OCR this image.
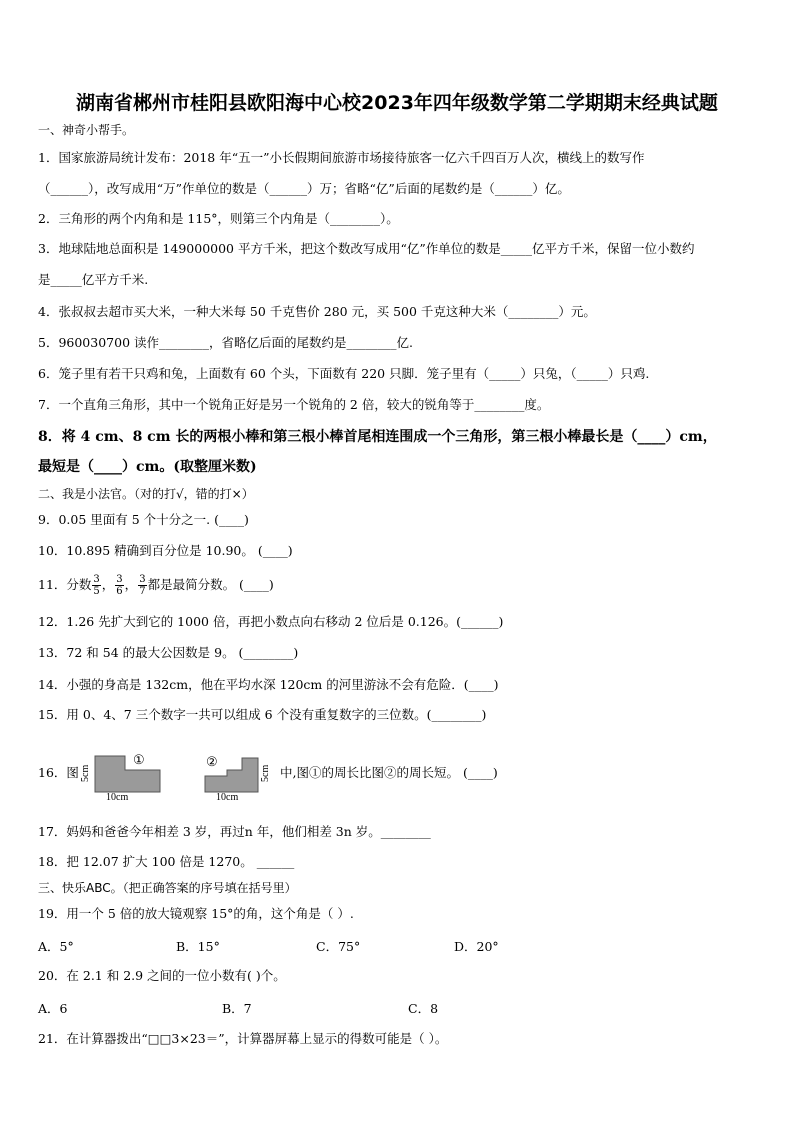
湖南省郴州市桂阳县欧阳海中心校2023年四年级数学第二学期期末经典试题
一、神奇小帮手。
1．国家旅游局统计发布：2018 年“五一”小长假期间旅游市场接待旅客一亿六千四百万人次，横线上的数写作
（______），改写成用“万”作单位的数是（______）万；省略“亿”后面的尾数约是（______）亿。
2．三角形的两个内角和是 115°，则第三个内角是（________）。
3．地球陆地总面积是 149000000 平方千米，把这个数改写成用“亿”作单位的数是_____亿平方千米，保留一位小数约
是_____亿平方千米.
4．张叔叔去超市买大米，一种大米每 50 千克售价 280 元，买 500 千克这种大米（________）元。
5．960030700 读作________，省略亿后面的尾数约是________亿.
6．笼子里有若干只鸡和兔，上面数有 60 个头，下面数有 220 只脚．笼子里有（_____）只兔，（_____）只鸡.
7．一个直角三角形，其中一个锐角正好是另一个锐角的 2 倍，较大的锐角等于________度。
8．将 4 cm、8 cm 长的两根小棒和第三根小棒首尾相连围成一个三角形，第三根小棒最长是（____）cm，
最短是（____）cm。(取整厘米数)
二、我是小法官。（对的打√，错的打×）
9．0.05 里面有 5 个十分之一. (____)
10．10.895 精确到百分位是 10.90。 (____)
11．分数 $\frac{3}{5}$ ， $\frac{3}{6}$ ， $\frac{3}{7}$ 都是最简分数。 (____)
12．1.26 先扩大到它的 1000 倍，再把小数点向右移动 2 位后是 0.126。(______)
13．72 和 54 的最大公因数是 9。 (________)
14．小强的身高是 132cm，他在平均水深 120cm 的河里游泳不会有危险．(____)
15．用 0、4、7 三个数字一共可以组成 6 个没有重复数字的三位数。(________)
16．图 5cm
10cm
①	②
5cm
10cm
中,图①的周长比图②的周长短。 (____)
17．妈妈和爸爸今年相差 3 岁，再过n 年，他们相差 3n 岁。________
18．把 12.07 扩大 100 倍是 1270。 ______
三、快乐ABC。（把正确答案的序号填在括号里）
19．用一个 5 倍的放大镜观察 15°的角，这个角是（ ）.
A．5°	B．15°	C．75°	D．20°
20．在 2.1 和 2.9 之间的一位小数有( )个。
A．6	B．7	C．8
21．在计算器拨出“□□3×23＝”，计算器屏幕上显示的得数可能是（ ）。
